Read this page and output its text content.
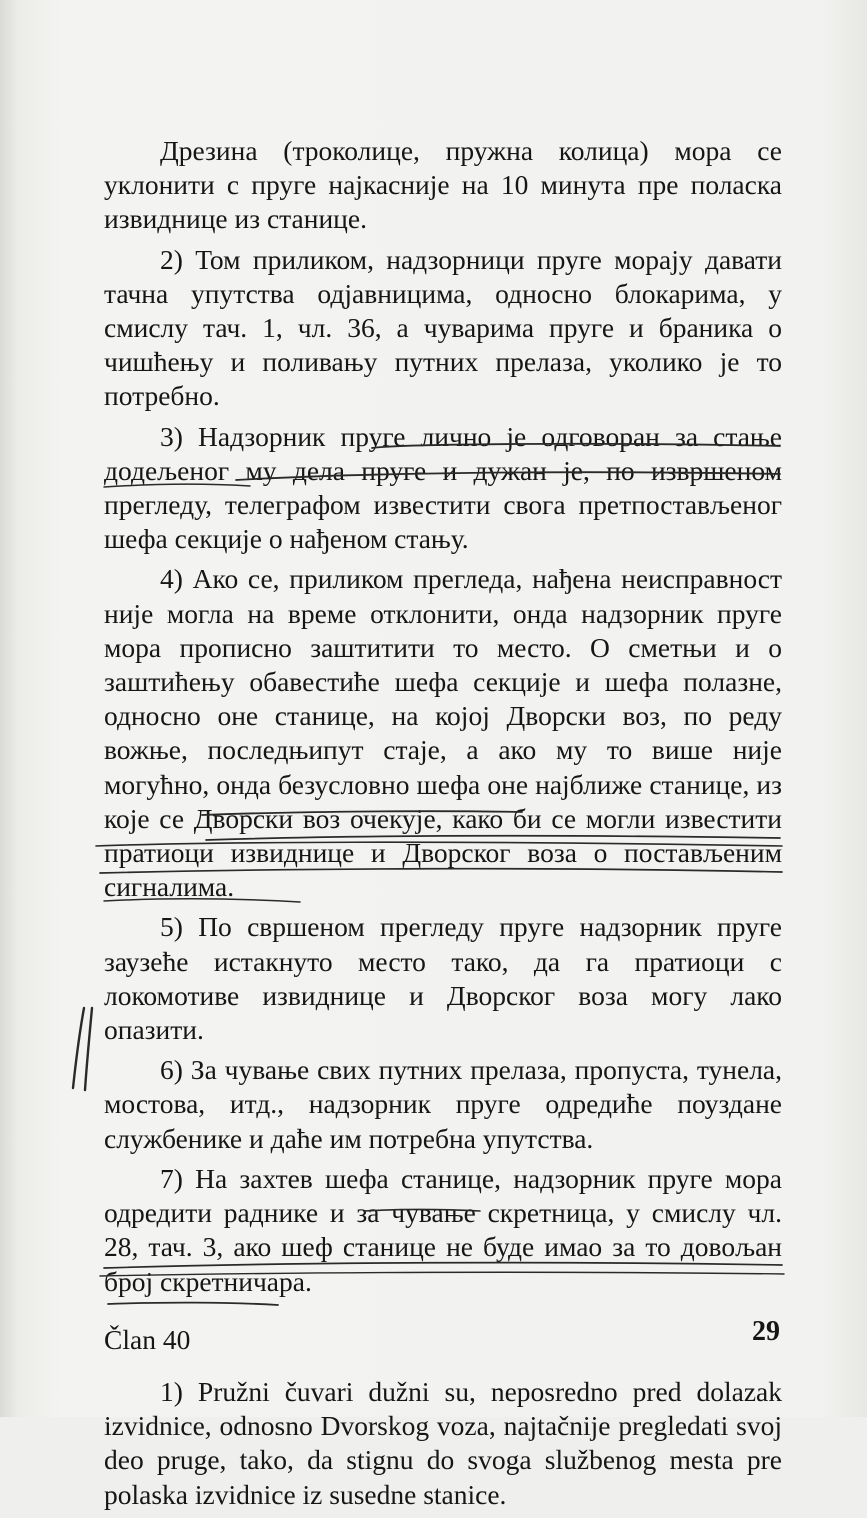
Дрезина (троколице, пружна колица) мора се уклонити с пруге најкасније на 10 минута пре поласка извиднице из станице.

2) Том приликом, надзорници пруге морају давати тачна упутства одјавницима, односно блокарима, у смислу тач. 1, чл. 36, а чуварима пруге и браника о чишћењу и поливању путних прелаза, уколико је то потребно.

3) Надзорник пруге лично је одговоран за стање додељеног му дела пруге и дужан је, по извршеном прегледу, телеграфом известити свога претпостављеног шефа секције о нађеном стању.

4) Ако се, приликом прегледа, нађена неисправност није могла на време отклонити, онда надзорник пруге мора прописно заштитити то место. О сметњи и о заштићењу обавестиће шефа секције и шефа полазне, односно оне станице, на којој Дворски воз, по реду вожње, последњипут стаје, а ако му то више није могућно, онда безусловно шефа оне најближе станице, из које се Дворски воз очекује, како би се могли известити пратиоци извиднице и Дворског воза о постављеним сигналима.

5) По свршеном прегледу пруге надзорник пруге заузеће истакнуто место тако, да га пратиоци с локомотиве извиднице и Дворског воза могу лако опазити.

6) За чување свих путних прелаза, пропуста, тунела, мостова, итд., надзорник пруге одредиће поуздане службенике и даће им потребна упутства.

7) На захтев шефа станице, надзорник пруге мора одредити раднике и за чување скретница, у смислу чл. 28, тач. 3, ако шеф станице не буде имао за то довољан број скретничара.

Član 40

1) Pružni čuvari dužni su, neposredno pred dolazak izvidnice, odnosno Dvorskog voza, najtačnije pregledati svoj deo pruge, tako, da stignu do svoga službenog mesta pre polaska izvidnice iz susedne stanice.

29
